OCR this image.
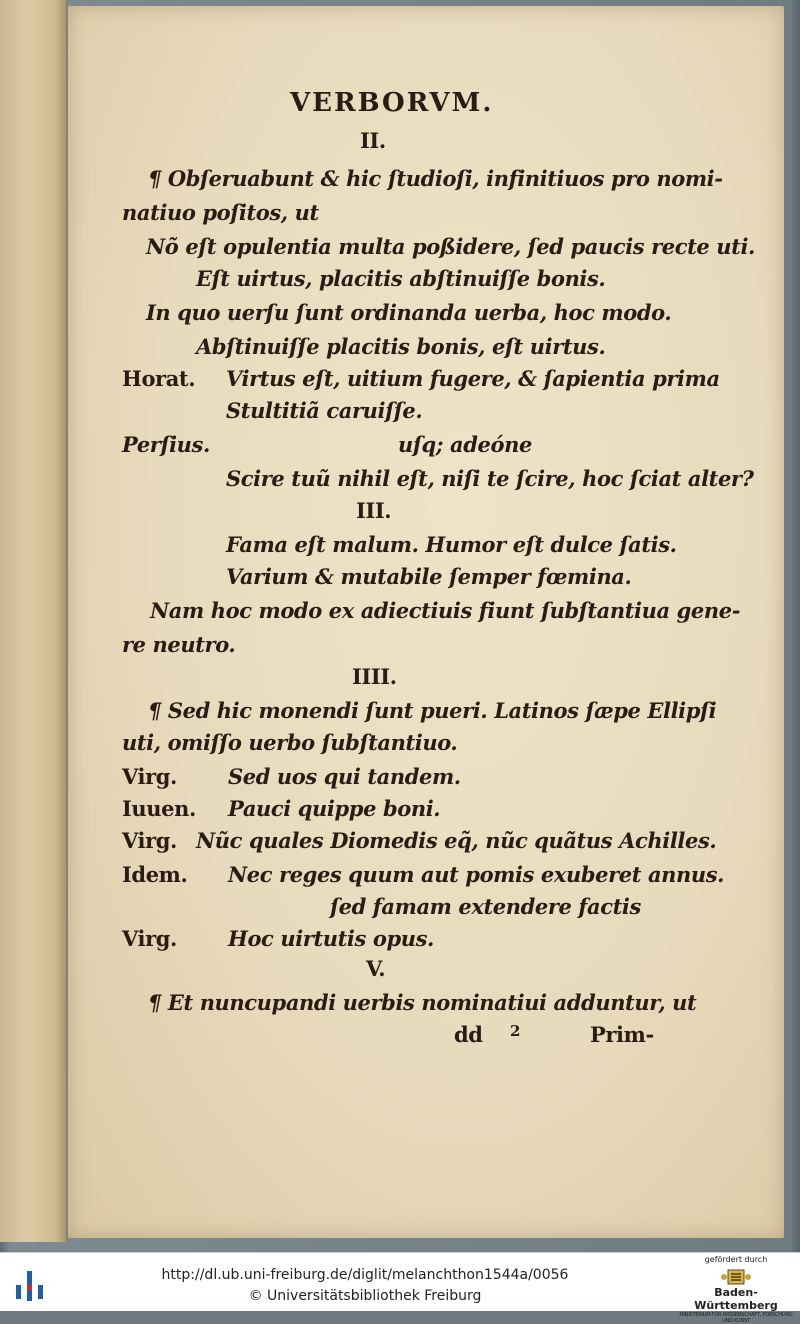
VERBORVM.
II.
¶ Obſeruabunt & hic ſtudioſi, infinitiuos pro nomi-
natiuo poſitos, ut
Nõ eſt opulentia multa poßidere, ſed paucis recte uti.
Eſt uirtus, placitis abſtinuiſſe bonis.
In quo uerſu ſunt ordinanda uerba, hoc modo.
Abſtinuiſſe placitis bonis, eſt uirtus.
Horat. Virtus eſt, uitium fugere, & ſapientia prima
Stultitiã caruiſſe.
Perſius.	uſq; adeóne
Scire tuũ nihil eſt, niſi te ſcire, hoc ſciat alter?
III.
Fama eſt malum. Humor eſt dulce ſatis.
Varium & mutabile ſemper fœmina.
Nam hoc modo ex adiectiuis fiunt ſubſtantiua gene-
re neutro.
IIII.
¶ Sed hic monendi ſunt pueri. Latinos ſæpe Ellipſi
uti, omiſſo uerbo ſubſtantiuo.
Virg. Sed uos qui tandem.
Iuuen. Pauci quippe boni.
Virg. Nũc quales Diomedis eq̃, nũc quãtus Achilles.
Idem. Nec reges quum aut pomis exuberet annus.
ſed famam extendere factis
Virg. Hoc uirtutis opus.
V.
¶ Et nuncupandi uerbis nominatiui adduntur, ut
dd 2	Prim-
http://dl.ub.uni-freiburg.de/diglit/melanchthon1544a/0056
© Universitätsbibliothek Freiburg
gefördert durch
Baden-Württemberg
MINISTERIUM FÜR WISSENSCHAFT, FORSCHUNG UND KUNST
